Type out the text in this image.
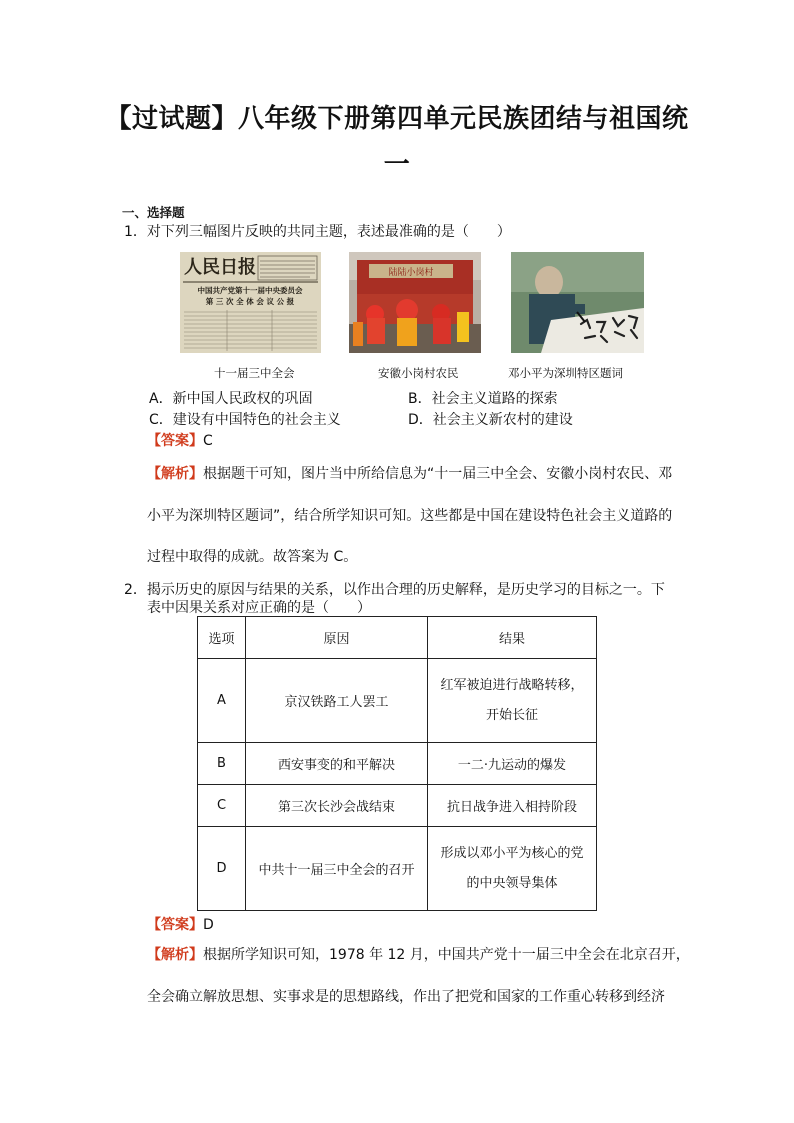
【过试题】八年级下册第四单元民族团结与祖国统一
一、选择题
1．对下列三幅图片反映的共同主题，表述最准确的是（　　）
人民日报
中国共产党第十一届中央委员会
第 三 次 全 体 会 议 公 报
陆陆小岗村
十一届三中全会	安徽小岗村农民	邓小平为深圳特区题词
A．新中国人民政权的巩固	B．社会主义道路的探索
C．建设有中国特色的社会主义	D．社会主义新农村的建设
【答案】C
【解析】根据题干可知，图片当中所给信息为“十一届三中全会、安徽小岗村农民、邓
小平为深圳特区题词”，结合所学知识可知。这些都是中国在建设特色社会主义道路的
过程中取得的成就。故答案为 C。
2．揭示历史的原因与结果的关系，以作出合理的历史解释，是历史学习的目标之一。下
表中因果关系对应正确的是（　　）
选项	原因	结果
A	京汉铁路工人罢工	红军被迫进行战略转移，
开始长征

B	西安事变的和平解决	一二·九运动的爆发
C	第三次长沙会战结束	抗日战争进入相持阶段
D	中共十一届三中全会的召开	形成以邓小平为核心的党
的中央领导集体
【答案】D
【解析】根据所学知识可知，1978 年 12 月，中国共产党十一届三中全会在北京召开，
全会确立解放思想、实事求是的思想路线，作出了把党和国家的工作重心转移到经济
